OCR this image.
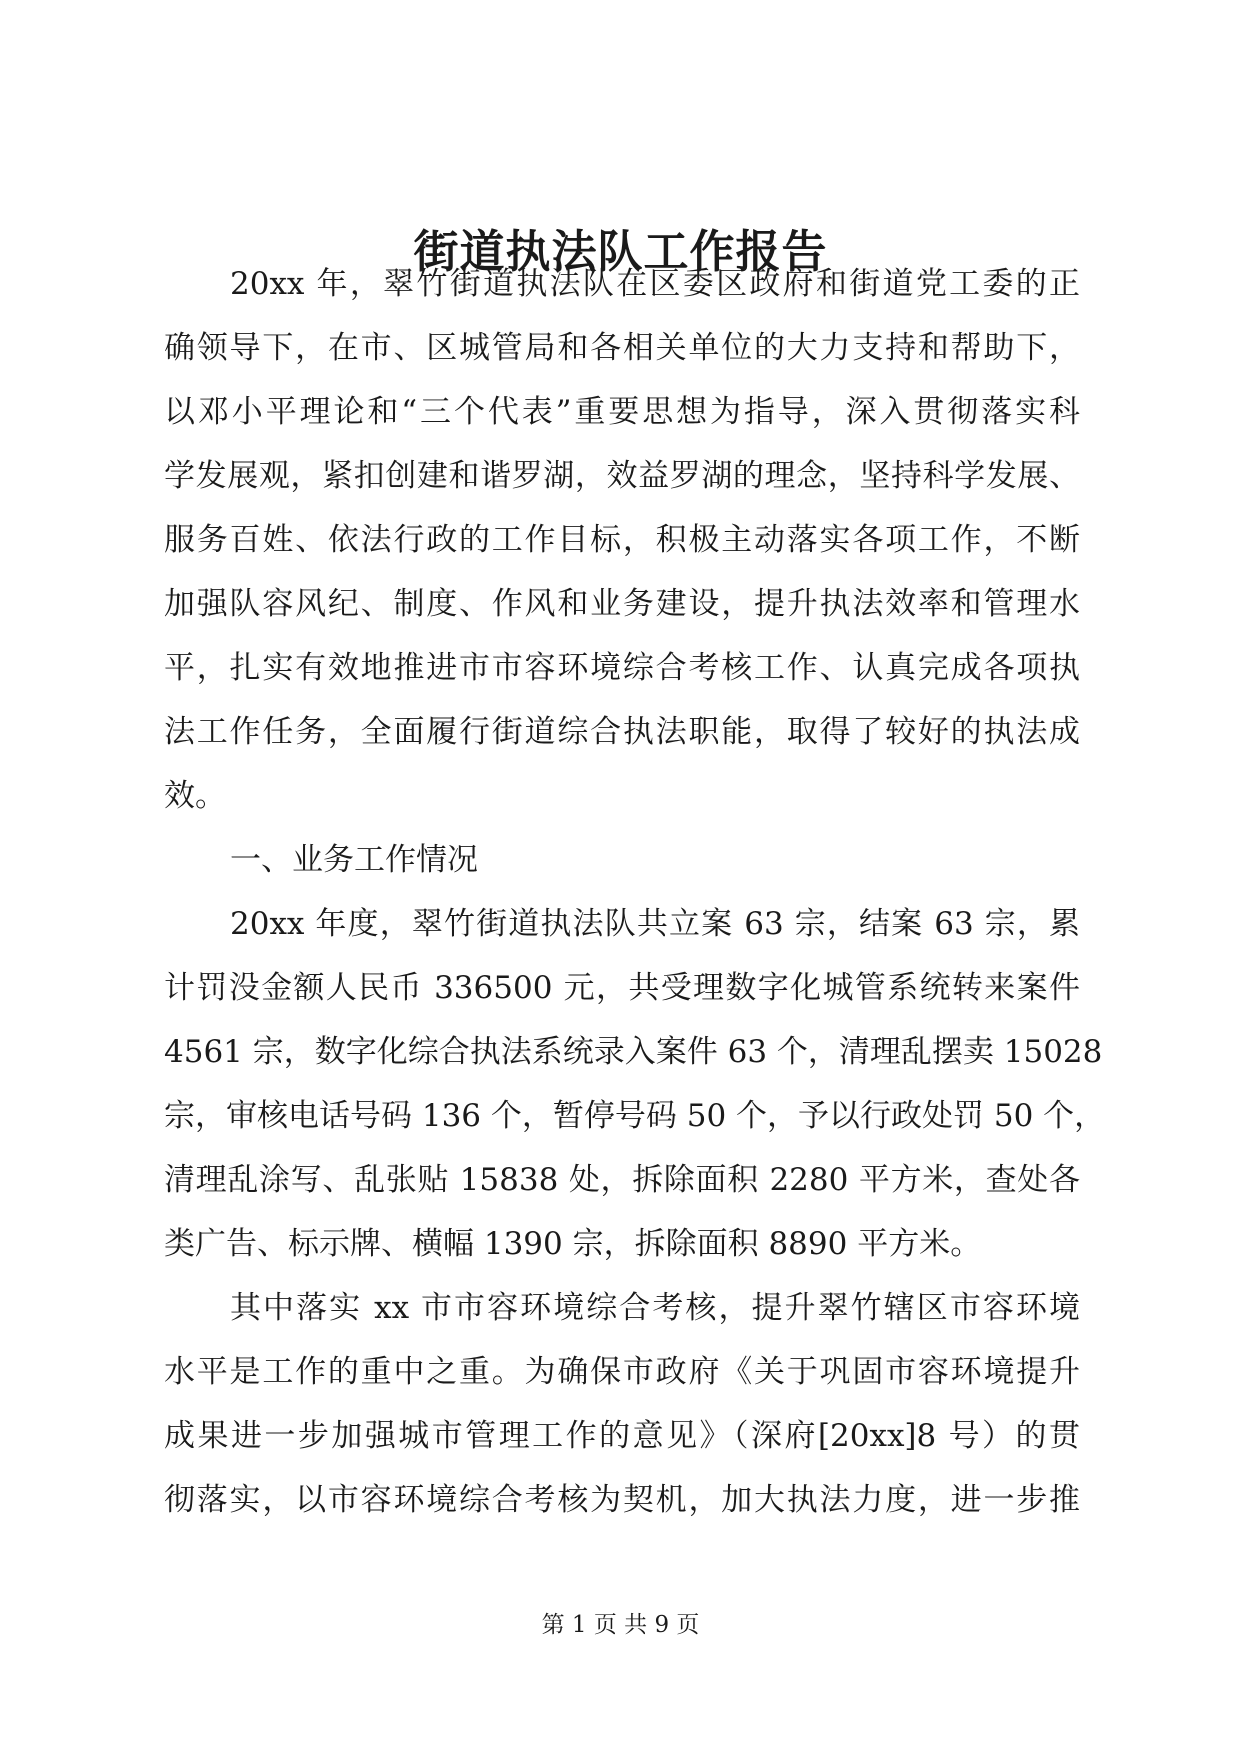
街道执法队工作报告
20xx 年，翠竹街道执法队在区委区政府和街道党工委的正
确领导下，在市、区城管局和各相关单位的大力支持和帮助下，
以邓小平理论和“三个代表”重要思想为指导，深入贯彻落实科
学发展观，紧扣创建和谐罗湖，效益罗湖的理念，坚持科学发展、
服务百姓、依法行政的工作目标，积极主动落实各项工作，不断
加强队容风纪、制度、作风和业务建设，提升执法效率和管理水
平，扎实有效地推进市市容环境综合考核工作、认真完成各项执
法工作任务，全面履行街道综合执法职能，取得了较好的执法成
效。
一、业务工作情况
20xx 年度，翠竹街道执法队共立案 63 宗，结案 63 宗，累
计罚没金额人民币 336500 元，共受理数字化城管系统转来案件
4561 宗，数字化综合执法系统录入案件 63 个，清理乱摆卖 15028
宗，审核电话号码 136 个，暂停号码 50 个，予以行政处罚 50 个，
清理乱涂写、乱张贴 15838 处，拆除面积 2280 平方米，查处各
类广告、标示牌、横幅 1390 宗，拆除面积 8890 平方米。
其中落实 xx 市市容环境综合考核，提升翠竹辖区市容环境
水平是工作的重中之重。为确保市政府《关于巩固市容环境提升
成果进一步加强城市管理工作的意见》（深府[20xx]8 号）的贯
彻落实，以市容环境综合考核为契机，加大执法力度，进一步推
第 1 页 共 9 页
